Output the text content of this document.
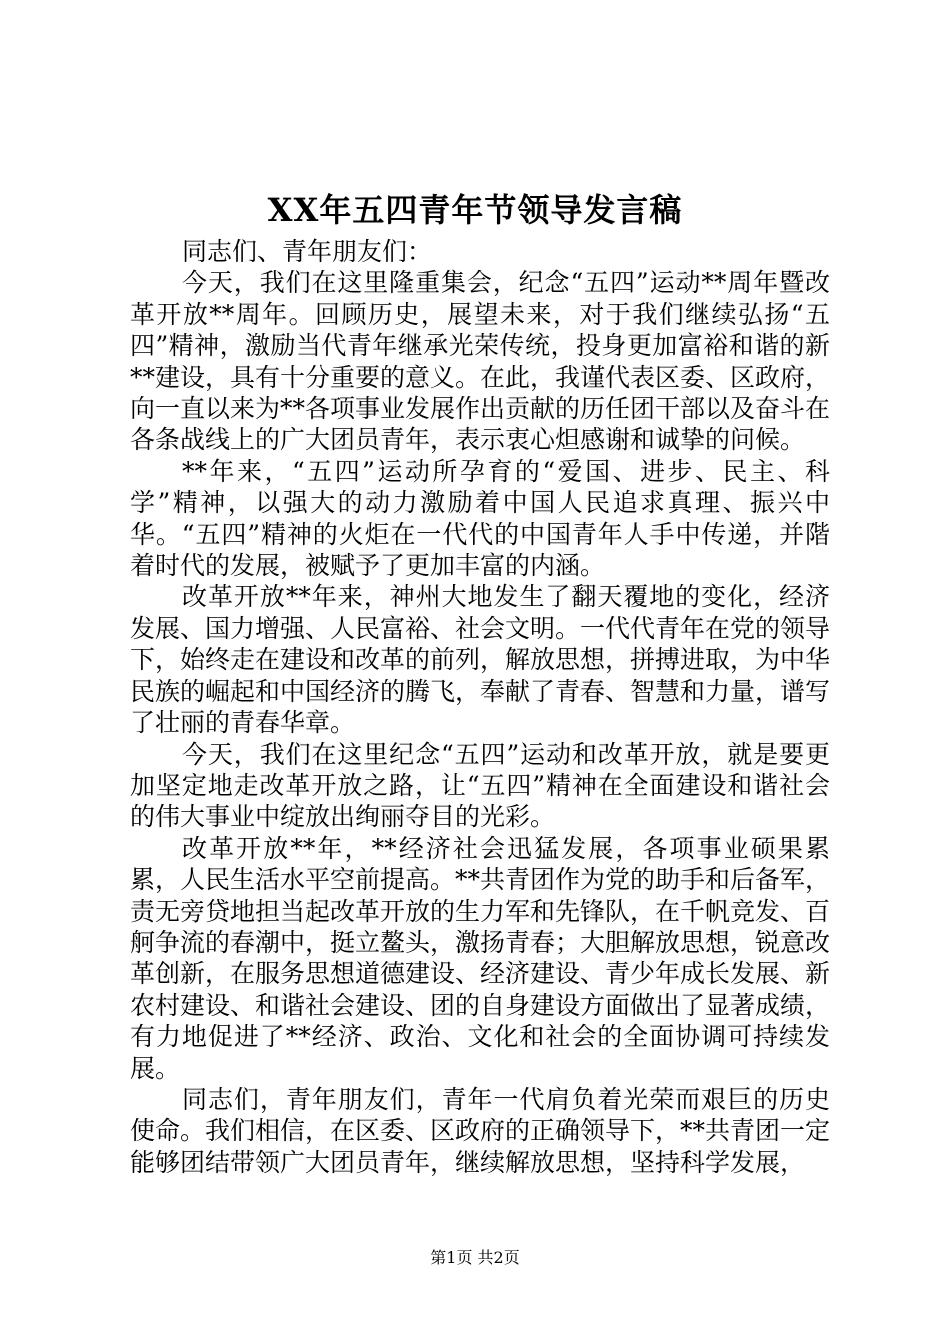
XX年五四青年节领导发言稿

同志们、青年朋友们：

今天，我们在这里隆重集会，纪念“五四”运动**周年暨改革开放**周年。回顾历史，展望未来，对于我们继续弘扬“五四”精神，激励当代青年继承光荣传统，投身更加富裕和谐的新**建设，具有十分重要的意义。在此，我谨代表区委、区政府，向一直以来为**各项事业发展作出贡献的历任团干部以及奋斗在各条战线上的广大团员青年，表示衷心炟感谢和诚挚的问候。

**年来，“五四”运动所孕育的“爱国、进步、民主、科学”精神，以强大的动力激励着中国人民追求真理、振兴中华。“五四”精神的火炬在一代代的中国青年人手中传递，并階着时代的发展，被赋予了更加丰富的内涵。

改革开放**年来，神州大地发生了翻天覆地的变化，经济发展、国力增强、人民富裕、社会文明。一代代青年在党的领导下，始终走在建设和改革的前列，解放思想，拼搏进取，为中华民族的崛起和中国经济的腾飞，奉献了青春、智慧和力量，谱写了壮丽的青春华章。

今天，我们在这里纪念“五四”运动和改革开放，就是要更加坚定地走改革开放之路，让“五四”精神在全面建设和谐社会的伟大事业中绽放出绚丽夺目的光彩。

改革开放**年，**经济社会迅猛发展，各项事业硕果累累，人民生活水平空前提高。**共青团作为党的助手和后备军，责无旁贷地担当起改革开放的生力军和先锋队，在千帆竞发、百舸争流的春潮中，挺立鳌头，激扬青春；大胆解放思想，锐意改革创新，在服务思想道德建设、经济建设、青少年成长发展、新农村建设、和谐社会建设、团的自身建设方面做出了显著成绩，有力地促进了**经济、政治、文化和社会的全面协调可持续发展。

同志们，青年朋友们，青年一代肩负着光荣而艰巨的历史使命。我们相信，在区委、区政府的正确领导下，**共青团一定能够团结带领广大团员青年，继续解放思想，坚持科学发展，

第1页 共2页
